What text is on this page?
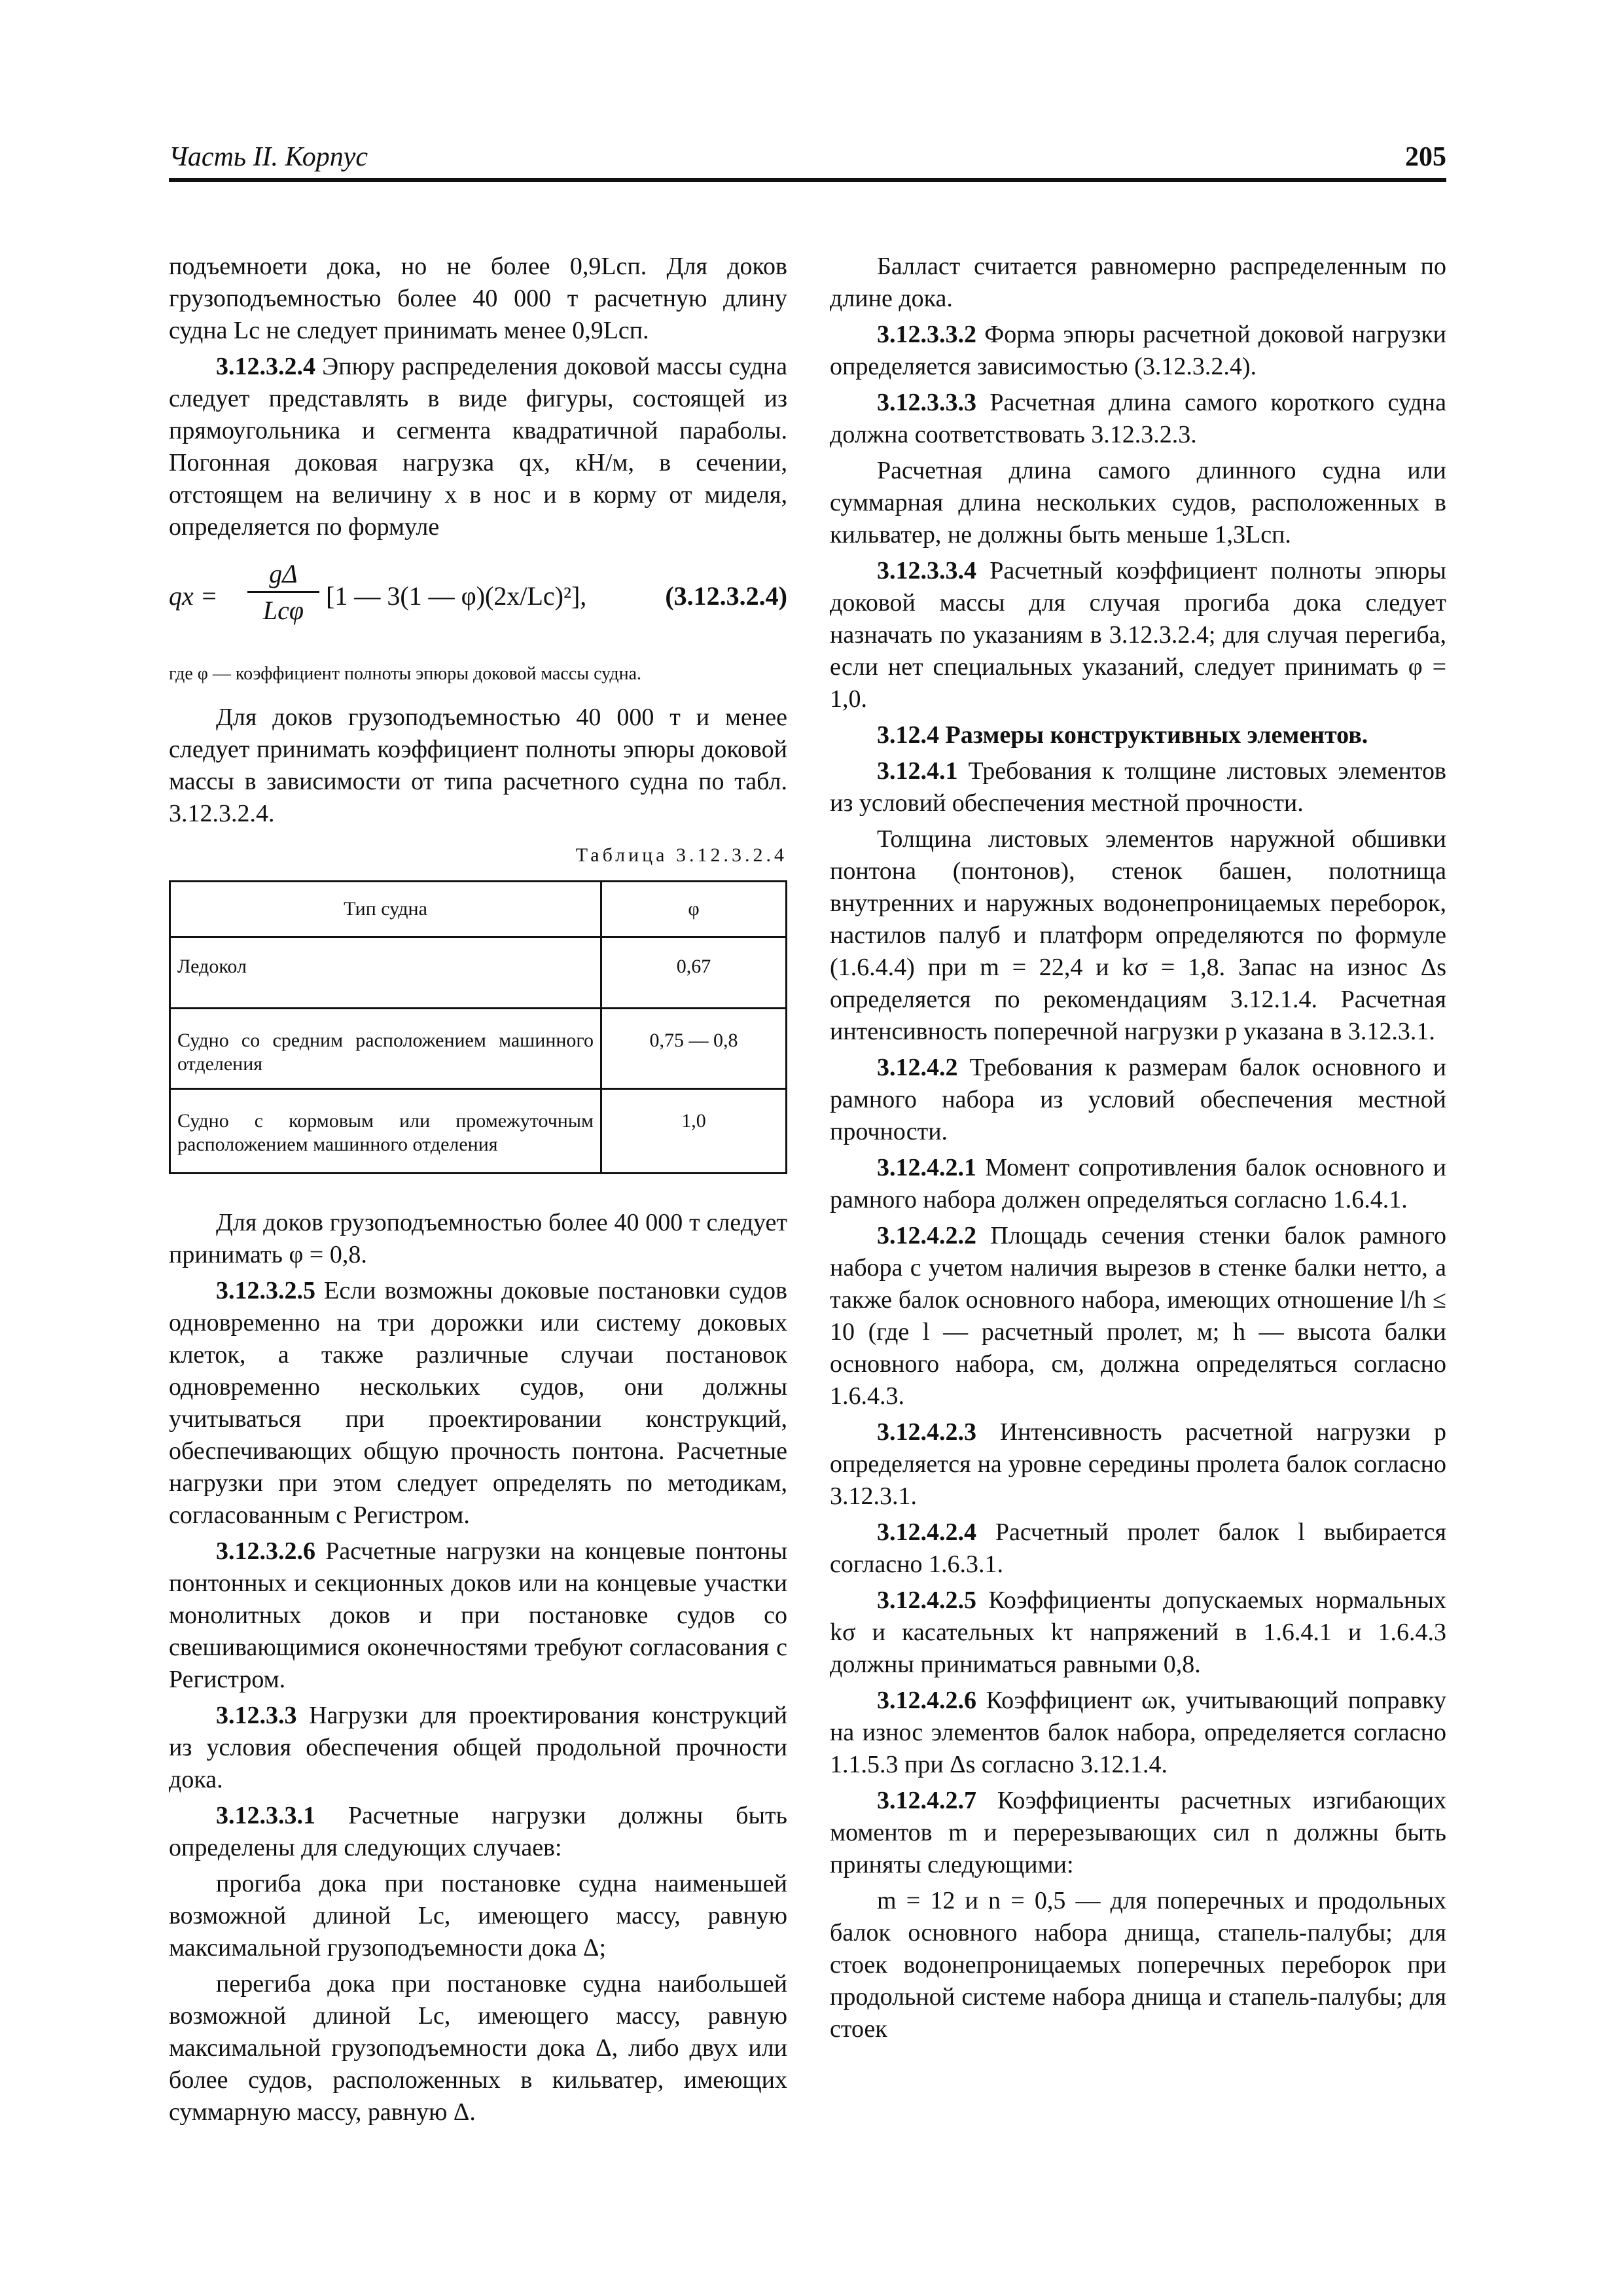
Часть II. Корпус	205

подъемноети дока, но не более 0,9Lсп. Для доков грузоподъемностью более 40 000 т расчетную длину судна Lс не следует принимать менее 0,9Lсп.

3.12.3.2.4 Эпюру распределения доковой массы судна следует представлять в виде фигуры, состоящей из прямоугольника и сегмента квадратичной параболы. Погонная доковая нагрузка qx, кН/м, в сечении, отстоящем на величину x в нос и в корму от миделя, определяется по формуле

qx =
gΔ
Lсφ [1 — 3(1 — φ)(2x/Lс)²],	(3.12.3.2.4)
где φ — коэффициент полноты эпюры доковой массы судна.

Для доков грузоподъемностью 40 000 т и менее следует принимать коэффициент полноты эпюры доковой массы в зависимости от типа расчетного судна по табл. 3.12.3.2.4.

Таблица 3.12.3.2.4
Тип судна	φ
Ледокол	0,67
Судно со средним расположением машинного отделения	0,75 — 0,8
Судно с кормовым или промежуточным расположением машинного отделения	1,0

Для доков грузоподъемностью более 40 000 т следует принимать φ = 0,8.

3.12.3.2.5 Если возможны доковые постановки судов одновременно на три дорожки или систему доковых клеток, а также различные случаи постановок одновременно нескольких судов, они должны учитываться при проектировании конструкций, обеспечивающих общую прочность понтона. Расчетные нагрузки при этом следует определять по методикам, согласованным с Регистром.

3.12.3.2.6 Расчетные нагрузки на концевые понтоны понтонных и секционных доков или на концевые участки монолитных доков и при постановке судов со свешивающимися оконечностями требуют согласования с Регистром.

3.12.3.3 Нагрузки для проектирования конструкций из условия обеспечения общей продольной прочности дока.

3.12.3.3.1 Расчетные нагрузки должны быть определены для следующих случаев:

прогиба дока при постановке судна наименьшей возможной длиной Lс, имеющего массу, равную максимальной грузоподъемности дока Δ;

перегиба дока при постановке судна наибольшей возможной длиной Lс, имеющего массу, равную максимальной грузоподъемности дока Δ, либо двух или более судов, расположенных в кильватер, имеющих суммарную массу, равную Δ.

Балласт считается равномерно распределенным по длине дока.

3.12.3.3.2 Форма эпюры расчетной доковой нагрузки определяется зависимостью (3.12.3.2.4).

3.12.3.3.3 Расчетная длина самого короткого судна должна соответствовать 3.12.3.2.3.

Расчетная длина самого длинного судна или суммарная длина нескольких судов, расположенных в кильватер, не должны быть меньше 1,3Lсп.

3.12.3.3.4 Расчетный коэффициент полноты эпюры доковой массы для случая прогиба дока следует назначать по указаниям в 3.12.3.2.4; для случая перегиба, если нет специальных указаний, следует принимать φ = 1,0.

3.12.4 Размеры конструктивных элементов.

3.12.4.1 Требования к толщине листовых элементов из условий обеспечения местной прочности.

Толщина листовых элементов наружной обшивки понтона (понтонов), стенок башен, полотнища внутренних и наружных водонепроницаемых переборок, настилов палуб и платформ определяются по формуле (1.6.4.4) при m = 22,4 и kσ = 1,8. Запас на износ Δs определяется по рекомендациям 3.12.1.4. Расчетная интенсивность поперечной нагрузки p указана в 3.12.3.1.

3.12.4.2 Требования к размерам балок основного и рамного набора из условий обеспечения местной прочности.

3.12.4.2.1 Момент сопротивления балок основного и рамного набора должен определяться согласно 1.6.4.1.

3.12.4.2.2 Площадь сечения стенки балок рамного набора с учетом наличия вырезов в стенке балки нетто, а также балок основного набора, имеющих отношение l/h ≤ 10 (где l — расчетный пролет, м; h — высота балки основного набора, см, должна определяться согласно 1.6.4.3.

3.12.4.2.3 Интенсивность расчетной нагрузки p определяется на уровне середины пролета балок согласно 3.12.3.1.

3.12.4.2.4 Расчетный пролет балок l выбирается согласно 1.6.3.1.

3.12.4.2.5 Коэффициенты допускаемых нормальных kσ и касательных kτ напряжений в 1.6.4.1 и 1.6.4.3 должны приниматься равными 0,8.

3.12.4.2.6 Коэффициент ωк, учитывающий поправку на износ элементов балок набора, определяется согласно 1.1.5.3 при Δs согласно 3.12.1.4.

3.12.4.2.7 Коэффициенты расчетных изгибающих моментов m и перерезывающих сил n должны быть приняты следующими:

m = 12 и n = 0,5 — для поперечных и продольных балок основного набора днища, стапель-палубы; для стоек водонепроницаемых поперечных переборок при продольной системе набора днища и стапель-палубы; для стоек
